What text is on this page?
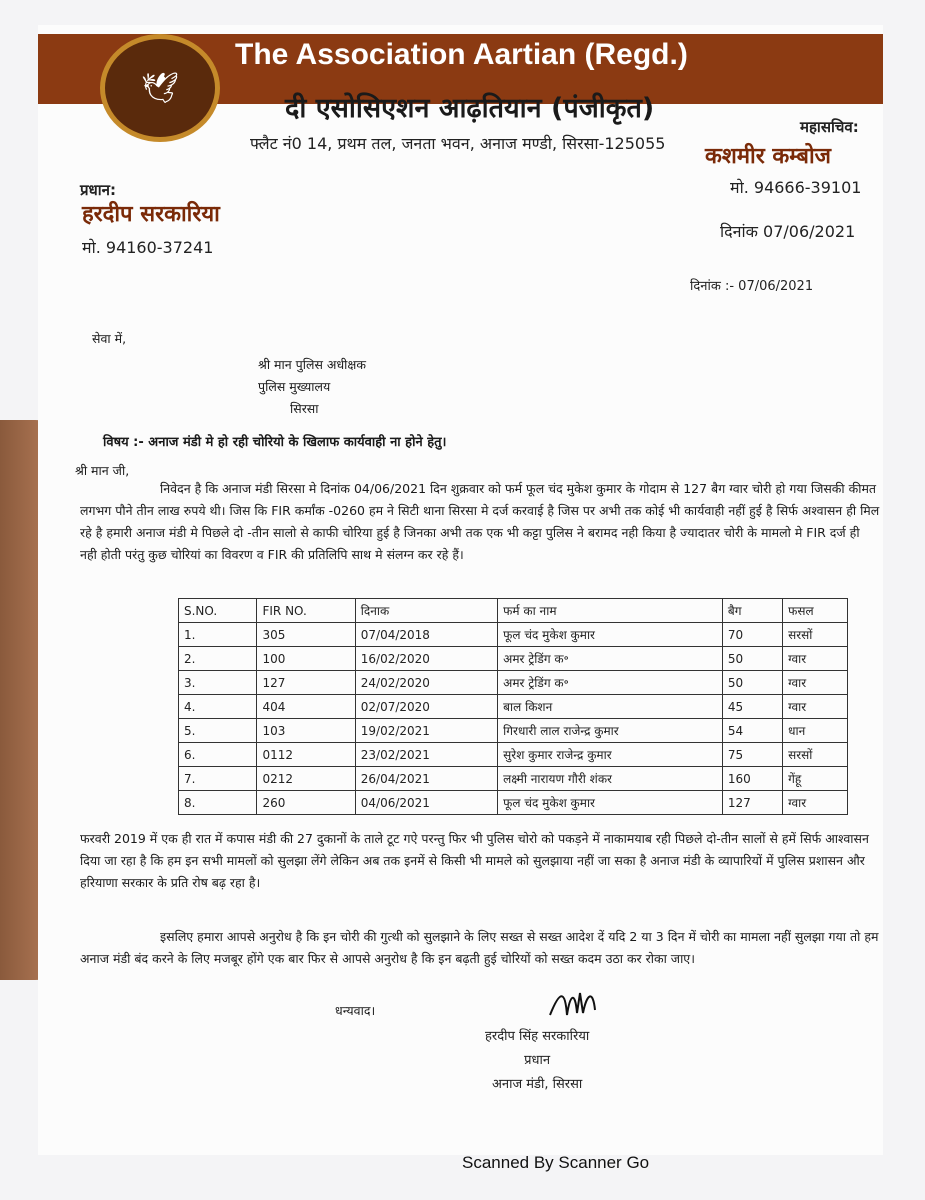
🕊
The Association Aartian (Regd.)
दी एसोसिएशन आढ़तियान (पंजीकृत)
फ्लैट नं0 14, प्रथम तल, जनता भवन, अनाज मण्डी, सिरसा-125055
महासचिव:
कशमीर कम्बोज
मो. 94666-39101
दिनांक 07/06/2021
प्रधान:
हरदीप सरकारिया
मो. 94160-37241
दिनांक :- 07/06/2021
सेवा में,
श्री मान पुलिस अधीक्षक
पुलिस मुख्यालय
सिरसा
विषय :- अनाज मंडी मे हो रही चोरियो के खिलाफ कार्यवाही ना होने हेतु।
श्री मान जी,
निवेदन है कि अनाज मंडी सिरसा मे दिनांक 04/06/2021 दिन शुक्रवार को फर्म फूल चंद मुकेश कुमार के गोदाम से 127 बैग ग्वार चोरी हो गया जिसकी कीमत लगभग पौने तीन लाख रुपये थी। जिस कि FIR कर्मांक -0260 हम ने सिटी थाना सिरसा मे दर्ज करवाई है जिस पर अभी तक कोई भी कार्यवाही नहीं हुई है सिर्फ अश्वासन ही मिल रहे है हमारी अनाज मंडी मे पिछले दो -तीन सालो से काफी चोरिया हुई है जिनका अभी तक एक भी कट्टा पुलिस ने बरामद नही किया है ज्यादातर चोरी के मामलो मे FIR दर्ज ही नही होती परंतु कुछ चोरियां का विवरण व FIR की प्रतिलिपि साथ मे संलग्न कर रहे हैं।
S.NO.	FIR NO.	दिनाक	फर्म का नाम	बैग	फसल
1.	305	07/04/2018	फूल चंद मुकेश कुमार	70	सरसों
2.	100	16/02/2020	अमर ट्रेडिंग क॰	50	ग्वार
3.	127	24/02/2020	अमर ट्रेडिंग क॰	50	ग्वार
4.	404	02/07/2020	बाल किशन	45	ग्वार
5.	103	19/02/2021	गिरधारी लाल राजेन्द्र कुमार	54	धान
6.	0112	23/02/2021	सुरेश कुमार राजेन्द्र कुमार	75	सरसों
7.	0212	26/04/2021	लक्ष्मी नारायण गौरी शंकर	160	गेंहू
8.	260	04/06/2021	फूल चंद मुकेश कुमार	127	ग्वार
फरवरी 2019 में एक ही रात में कपास मंडी की 27 दुकानों के ताले टूट गऐ परन्तु फिर भी पुलिस चोरो को पकड़ने में नाकामयाब रही पिछले दो-तीन सालों से हमें सिर्फ आश्वासन दिया जा रहा है कि हम इन सभी मामलों को सुलझा लेंगे लेकिन अब तक इनमें से किसी भी मामले को सुलझाया नहीं जा सका है अनाज मंडी के व्यापारियों में पुलिस प्रशासन और हरियाणा सरकार के प्रति रोष बढ़ रहा है।
इसलिए हमारा आपसे अनुरोध है कि इन चोरी की गुत्थी को सुलझाने के लिए सख्त से सख्त आदेश दें यदि 2 या 3 दिन में चोरी का मामला नहीं सुलझा गया तो हम अनाज मंडी बंद करने के लिए मजबूर होंगे एक बार फिर से आपसे अनुरोध है कि इन बढ़ती हुई चोरियों को सख्त कदम उठा कर रोका जाए।
धन्यवाद।
हरदीप सिंह सरकारिया
प्रधान
अनाज मंडी, सिरसा
Scanned By Scanner Go
